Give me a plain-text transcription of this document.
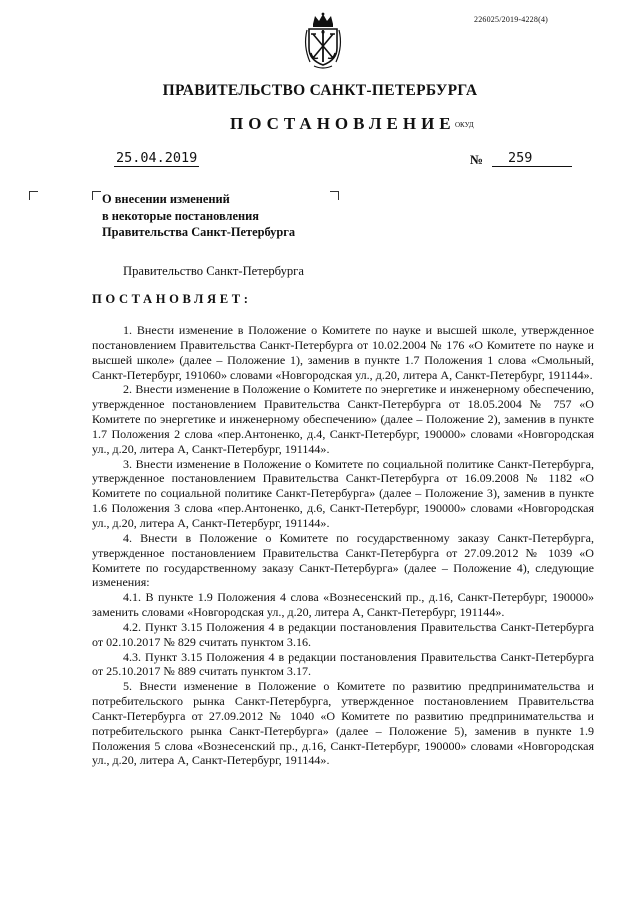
226025/2019-4228(4)
ПРАВИТЕЛЬСТВО САНКТ-ПЕТЕРБУРГА
ПОСТАНОВЛЕНИЕ ОКУД
25.04.2019	№	259
О внесении изменений
в некоторые постановления
Правительства Санкт-Петербурга
Правительство Санкт-Петербурга
ПОСТАНОВЛЯЕТ:

1. Внести изменение в Положение о Комитете по науке и высшей школе, утвержденное постановлением Правительства Санкт-Петербурга от 10.02.2004 № 176 «О Комитете по науке и высшей школе» (далее – Положение 1), заменив в пункте 1.7 Положения 1 слова «Смольный, Санкт-Петербург, 191060» словами «Новгородская ул., д.20, литера А, Санкт-Петербург, 191144».

2. Внести изменение в Положение о Комитете по энергетике и инженерному обеспечению, утвержденное постановлением Правительства Санкт-Петербурга от 18.05.2004 № 757 «О Комитете по энергетике и инженерному обеспечению» (далее – Положение 2), заменив в пункте 1.7 Положения 2 слова «пер.Антоненко, д.4, Санкт-Петербург, 190000» словами «Новгородская ул., д.20, литера А, Санкт-Петербург, 191144».

3. Внести изменение в Положение о Комитете по социальной политике Санкт-Петербурга, утвержденное постановлением Правительства Санкт-Петербурга от 16.09.2008 № 1182 «О Комитете по социальной политике Санкт-Петербурга» (далее – Положение 3), заменив в пункте 1.6 Положения 3 слова «пер.Антоненко, д.6, Санкт-Петербург, 190000» словами «Новгородская ул., д.20, литера А, Санкт-Петербург, 191144».

4. Внести в Положение о Комитете по государственному заказу Санкт-Петербурга, утвержденное постановлением Правительства Санкт-Петербурга от 27.09.2012 № 1039 «О Комитете по государственному заказу Санкт-Петербурга» (далее – Положение 4), следующие изменения:

4.1. В пункте 1.9 Положения 4 слова «Вознесенский пр., д.16, Санкт-Петербург, 190000» заменить словами «Новгородская ул., д.20, литера А, Санкт-Петербург, 191144».

4.2. Пункт 3.15 Положения 4 в редакции постановления Правительства Санкт-Петербурга от 02.10.2017 № 829 считать пунктом 3.16.

4.3. Пункт 3.15 Положения 4 в редакции постановления Правительства Санкт-Петербурга от 25.10.2017 № 889 считать пунктом 3.17.

5. Внести изменение в Положение о Комитете по развитию предпринимательства и потребительского рынка Санкт-Петербурга, утвержденное постановлением Правительства Санкт-Петербурга от 27.09.2012 № 1040 «О Комитете по развитию предпринимательства и потребительского рынка Санкт-Петербурга» (далее – Положение 5), заменив в пункте 1.9 Положения 5 слова «Вознесенский пр., д.16, Санкт-Петербург, 190000» словами «Новгородская ул., д.20, литера А, Санкт-Петербург, 191144».
